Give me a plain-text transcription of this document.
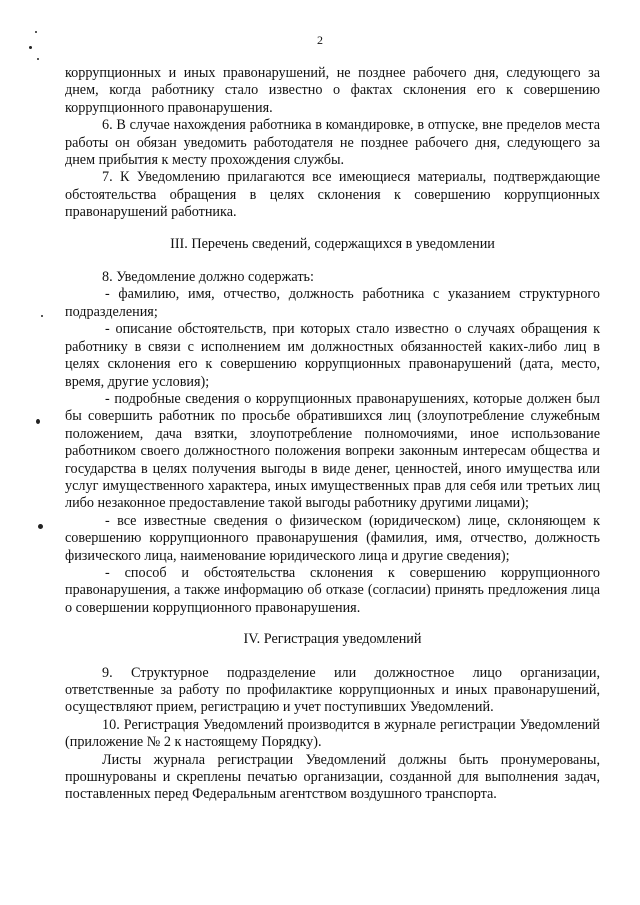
2

коррупционных и иных правонарушений, не позднее рабочего дня, следующего за днем, когда работнику стало известно о фактах склонения его к совершению коррупционного правонарушения.

6. В случае нахождения работника в командировке, в отпуске, вне пределов места работы он обязан уведомить работодателя не позднее рабочего дня, следующего за днем прибытия к месту прохождения службы.

7. К Уведомлению прилагаются все имеющиеся материалы, подтверждающие обстоятельства обращения в целях склонения к совершению коррупционных правонарушений работника.

III. Перечень сведений, содержащихся в уведомлении

8. Уведомление должно содержать:

- фамилию, имя, отчество, должность работника с указанием структурного подразделения;

- описание обстоятельств, при которых стало известно о случаях обращения к работнику в связи с исполнением им должностных обязанностей каких-либо лиц в целях склонения его к совершению коррупционных правонарушений (дата, место, время, другие условия);

- подробные сведения о коррупционных правонарушениях, которые должен был бы совершить работник по просьбе обратившихся лиц (злоупотребление служебным положением, дача взятки, злоупотребление полномочиями, иное использование работником своего должностного положения вопреки законным интересам общества и государства в целях получения выгоды в виде денег, ценностей, иного имущества или услуг имущественного характера, иных имущественных прав для себя или третьих лиц либо незаконное предоставление такой выгоды работнику другими лицами);

- все известные сведения о физическом (юридическом) лице, склоняющем к совершению коррупционного правонарушения (фамилия, имя, отчество, должность физического лица, наименование юридического лица и другие сведения);

- способ и обстоятельства склонения к совершению коррупционного правонарушения, а также информацию об отказе (согласии) принять предложения лица о совершении коррупционного правонарушения.

IV. Регистрация уведомлений

9. Структурное подразделение или должностное лицо организации, ответственные за работу по профилактике коррупционных и иных правонарушений, осуществляют прием, регистрацию и учет поступивших Уведомлений.

10. Регистрация Уведомлений производится в журнале регистрации Уведомлений (приложение № 2 к настоящему Порядку).

Листы журнала регистрации Уведомлений должны быть пронумерованы, прошнурованы и скреплены печатью организации, созданной для выполнения задач, поставленных перед Федеральным агентством воздушного транспорта.
